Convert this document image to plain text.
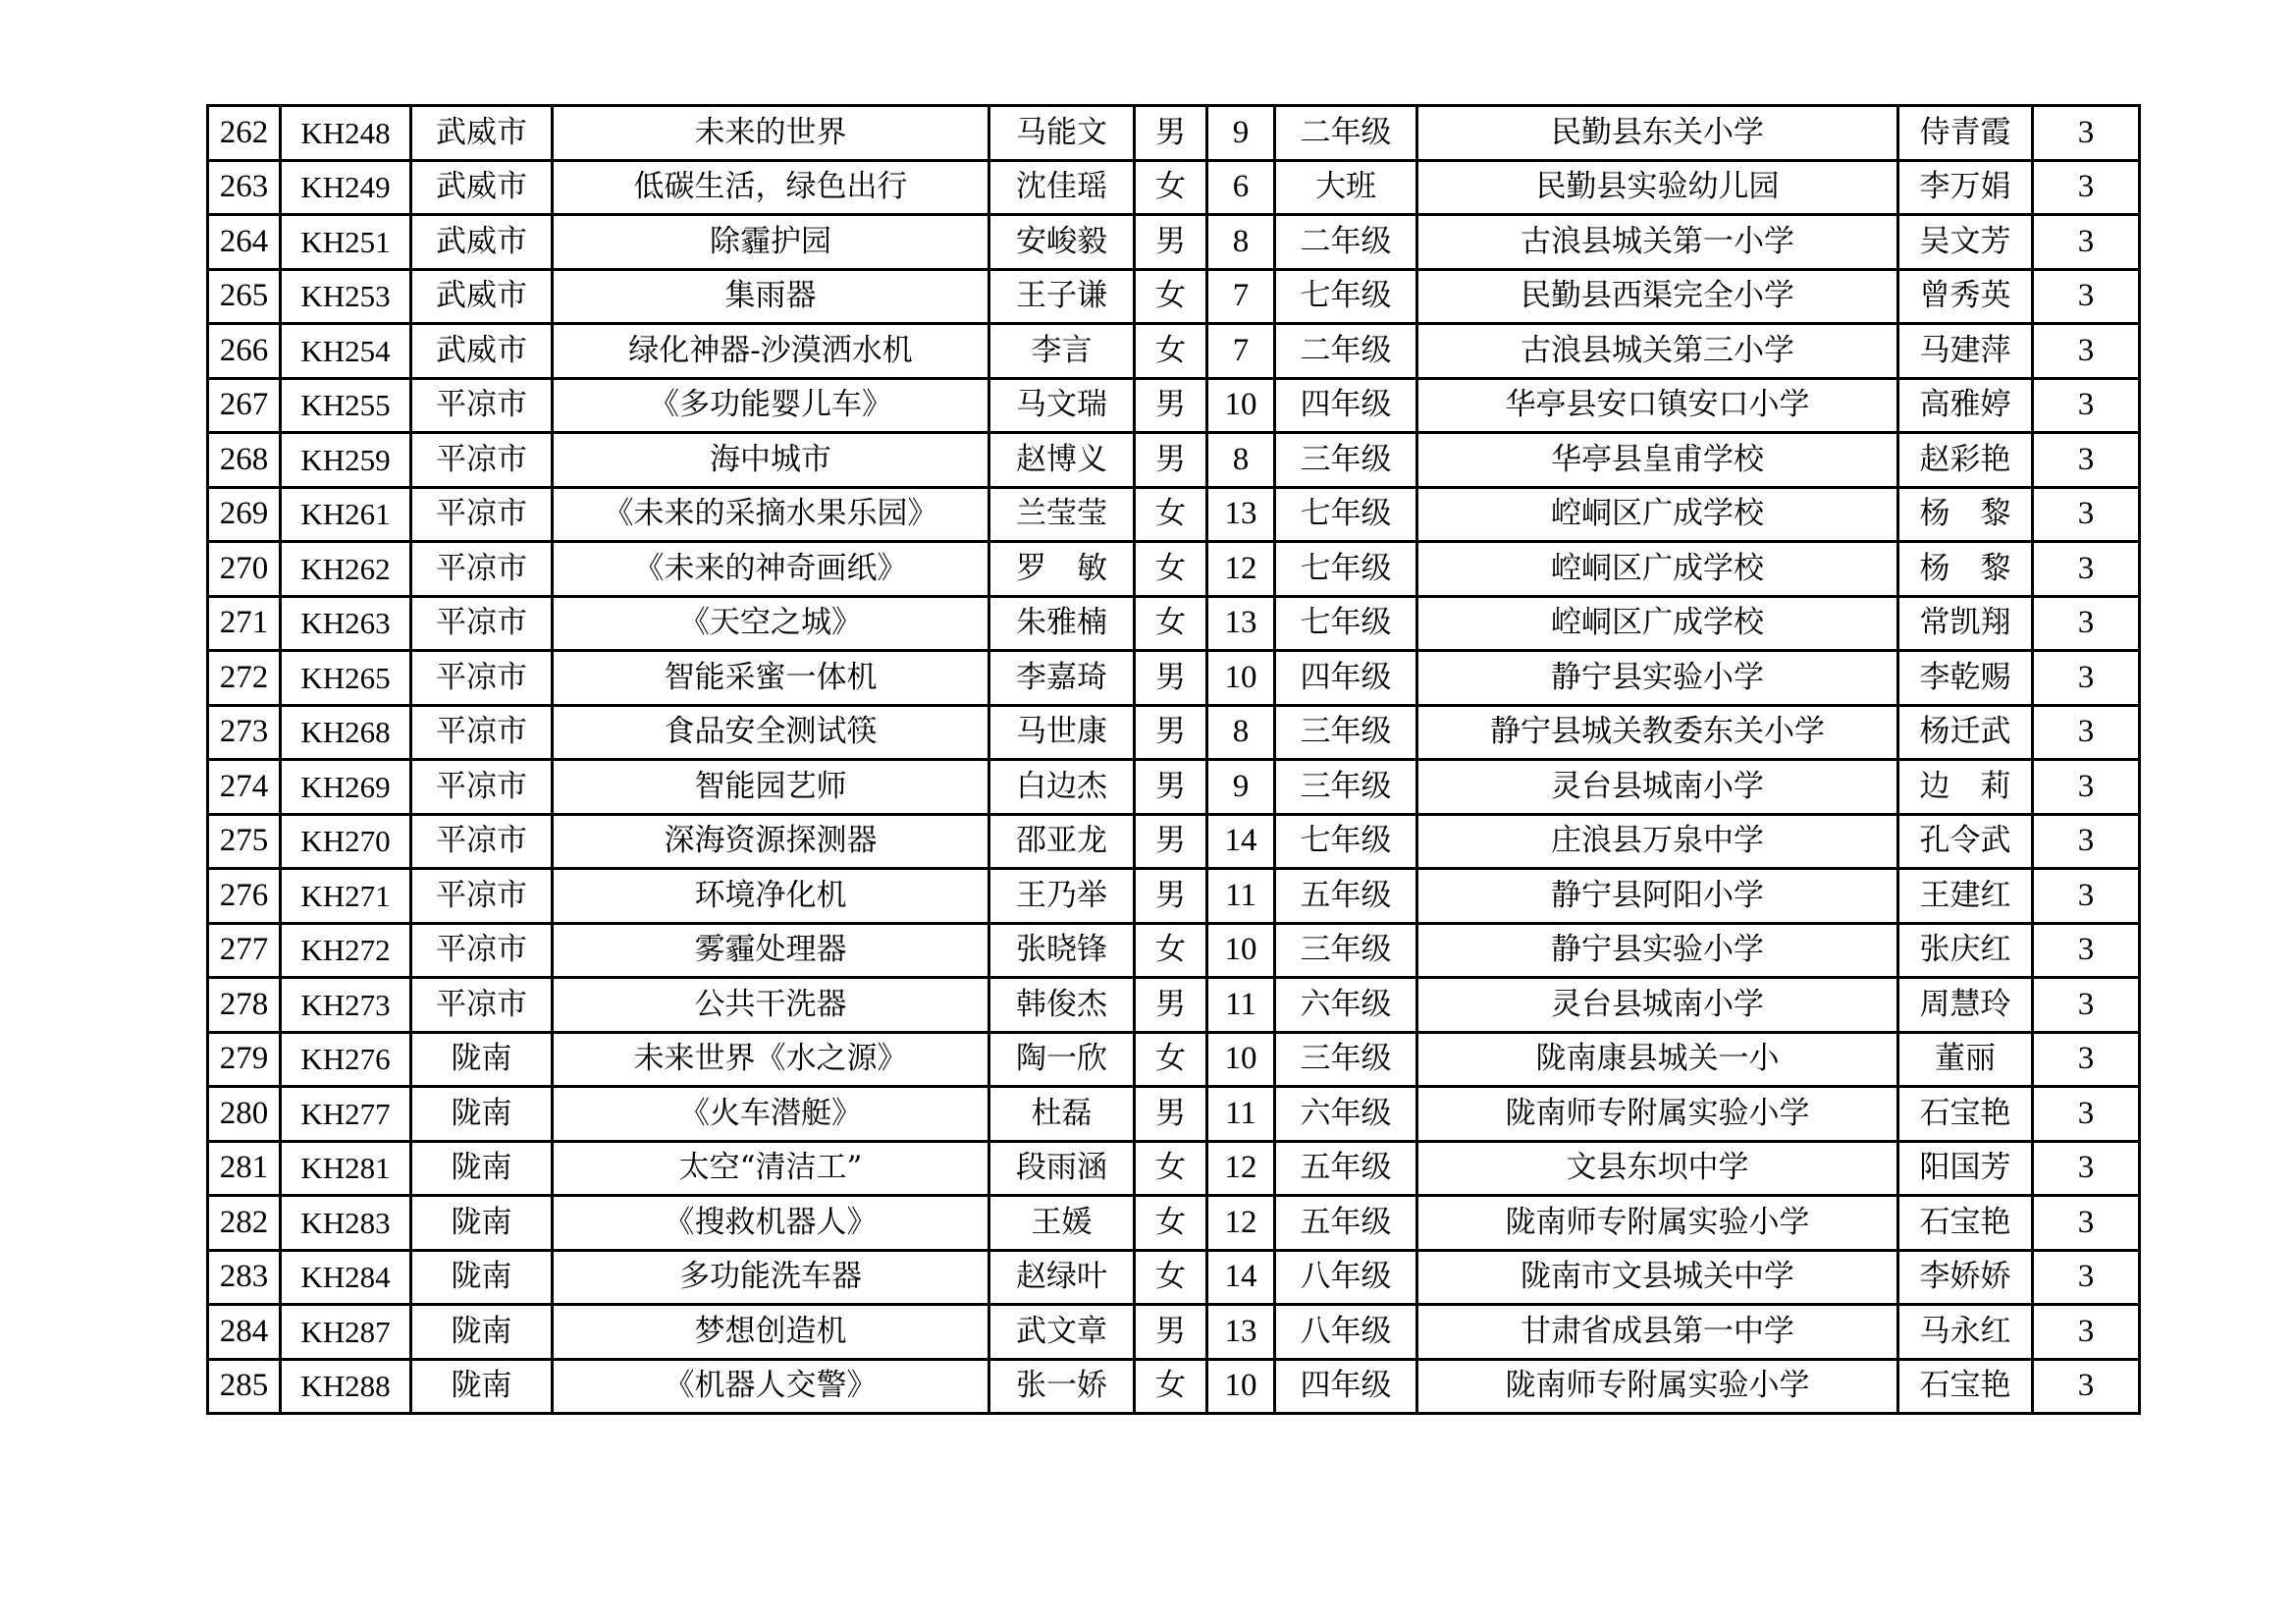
262	KH248	武威市	未来的世界	马能文	男	9	二年级	民勤县东关小学	侍青霞	3
263	KH249	武威市	低碳生活，绿色出行	沈佳瑶	女	6	大班	民勤县实验幼儿园	李万娟	3
264	KH251	武威市	除霾护园	安峻毅	男	8	二年级	古浪县城关第一小学	吴文芳	3
265	KH253	武威市	集雨器	王子谦	女	7	七年级	民勤县西渠完全小学	曾秀英	3
266	KH254	武威市	绿化神器-沙漠洒水机	李言	女	7	二年级	古浪县城关第三小学	马建萍	3
267	KH255	平凉市	《多功能婴儿车》	马文瑞	男	10	四年级	华亭县安口镇安口小学	高雅婷	3
268	KH259	平凉市	海中城市	赵博义	男	8	三年级	华亭县皇甫学校	赵彩艳	3
269	KH261	平凉市	《未来的采摘水果乐园》	兰莹莹	女	13	七年级	崆峒区广成学校	杨　黎	3
270	KH262	平凉市	《未来的神奇画纸》	罗　敏	女	12	七年级	崆峒区广成学校	杨　黎	3
271	KH263	平凉市	《天空之城》	朱雅楠	女	13	七年级	崆峒区广成学校	常凯翔	3
272	KH265	平凉市	智能采蜜一体机	李嘉琦	男	10	四年级	静宁县实验小学	李乾赐	3
273	KH268	平凉市	食品安全测试筷	马世康	男	8	三年级	静宁县城关教委东关小学	杨迁武	3
274	KH269	平凉市	智能园艺师	白边杰	男	9	三年级	灵台县城南小学	边　莉	3
275	KH270	平凉市	深海资源探测器	邵亚龙	男	14	七年级	庄浪县万泉中学	孔令武	3
276	KH271	平凉市	环境净化机	王乃举	男	11	五年级	静宁县阿阳小学	王建红	3
277	KH272	平凉市	雾霾处理器	张晓锋	女	10	三年级	静宁县实验小学	张庆红	3
278	KH273	平凉市	公共干洗器	韩俊杰	男	11	六年级	灵台县城南小学	周慧玲	3
279	KH276	陇南	未来世界《水之源》	陶一欣	女	10	三年级	陇南康县城关一小	董丽	3
280	KH277	陇南	《火车潜艇》	杜磊	男	11	六年级	陇南师专附属实验小学	石宝艳	3
281	KH281	陇南	太空“清洁工”	段雨涵	女	12	五年级	文县东坝中学	阳国芳	3
282	KH283	陇南	《搜救机器人》	王媛	女	12	五年级	陇南师专附属实验小学	石宝艳	3
283	KH284	陇南	多功能洗车器	赵绿叶	女	14	八年级	陇南市文县城关中学	李娇娇	3
284	KH287	陇南	梦想创造机	武文章	男	13	八年级	甘肃省成县第一中学	马永红	3
285	KH288	陇南	《机器人交警》	张一娇	女	10	四年级	陇南师专附属实验小学	石宝艳	3
